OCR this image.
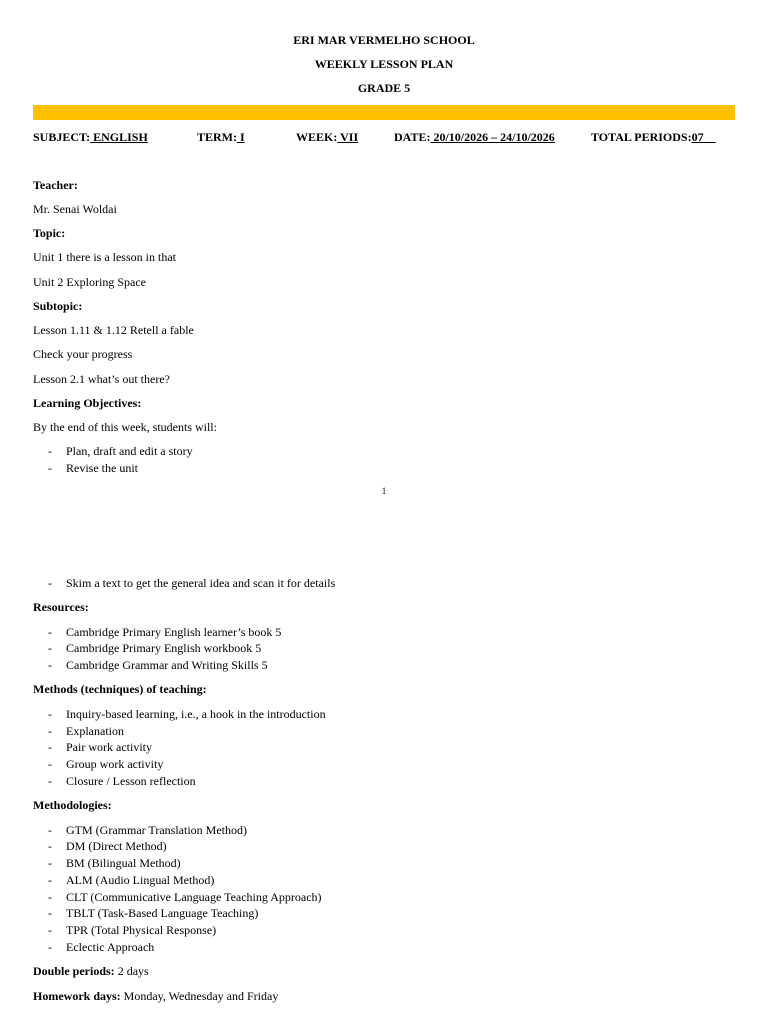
ERI MAR VERMELHO SCHOOL
WEEKLY LESSON PLAN
GRADE 5
SUBJECT: ENGLISH	TERM: I	WEEK: VII	DATE: 20/10/2026 – 24/10/2026	TOTAL PERIODS:07
Teacher:
Mr. Senai Woldai
Topic:
Unit 1 there is a lesson in that
Unit 2 Exploring Space
Subtopic:
Lesson 1.11 & 1.12 Retell a fable
Check your progress
Lesson 2.1 what’s out there?
Learning Objectives:
By the end of this week, students will:
- Plan, draft and edit a story
- Revise the unit
1
- Skim a text to get the general idea and scan it for details
Resources:
- Cambridge Primary English learner’s book 5
- Cambridge Primary English workbook 5
- Cambridge Grammar and Writing Skills 5
Methods (techniques) of teaching:
- Inquiry-based learning, i.e., a hook in the introduction
- Explanation
- Pair work activity
- Group work activity
- Closure / Lesson reflection
Methodologies:
- GTM (Grammar Translation Method)
- DM (Direct Method)
- BM (Bilingual Method)
- ALM (Audio Lingual Method)
- CLT (Communicative Language Teaching Approach)
- TBLT (Task-Based Language Teaching)
- TPR (Total Physical Response)
- Eclectic Approach
Double periods: 2 days
Homework days: Monday, Wednesday and Friday
